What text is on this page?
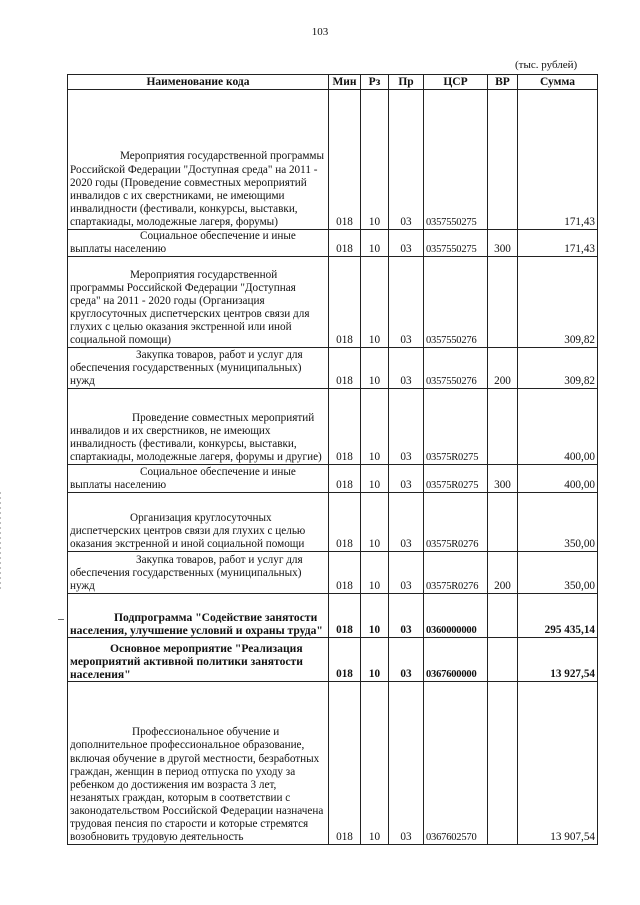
103
(тыс. рублей)
Наименование кода	Мин	Рз	Пр	ЦСР	ВР	Сумма
Мероприятия государственной программы Российской Федерации "Доступная среда" на 2011 - 2020 годы (Проведение совместных мероприятий инвалидов с их сверстниками, не имеющими инвалидности (фестивали, конкурсы, выставки, спартакиады, молодежные лагеря, форумы)	018	10	03	0357550275		171,43
Социальное обеспечение и иные выплаты населению	018	10	03	0357550275	300	171,43
Мероприятия государственной программы Российской Федерации "Доступная среда" на 2011 - 2020 годы (Организация круглосуточных диспетчерских центров связи для глухих с целью оказания экстренной или иной социальной помощи)	018	10	03	0357550276		309,82
Закупка товаров, работ и услуг для обеспечения государственных (муниципальных) нужд	018	10	03	0357550276	200	309,82
Проведение совместных мероприятий инвалидов и их сверстников, не имеющих инвалидность (фестивали, конкурсы, выставки, спартакиады, молодежные лагеря, форумы и другие)	018	10	03	03575R0275		400,00
Социальное обеспечение и иные выплаты населению	018	10	03	03575R0275	300	400,00
Организация круглосуточных диспетчерских центров связи для глухих с целью оказания экстренной и иной социальной помощи	018	10	03	03575R0276		350,00
Закупка товаров, работ и услуг для обеспечения государственных (муниципальных) нужд	018	10	03	03575R0276	200	350,00
Подпрограмма "Содействие занятости населения, улучшение условий и охраны труда"	018	10	03	0360000000		295 435,14
Основное мероприятие "Реализация мероприятий активной политики занятости населения"	018	10	03	0367600000		13 927,54
Профессиональное обучение и дополнительное профессиональное образование, включая обучение в другой местности, безработных граждан, женщин в период отпуска по уходу за ребенком до достижения им возраста 3 лет, незанятых граждан, которым в соответствии с законодательством Российской Федерации назначена трудовая пенсия по старости и которые стремятся возобновить трудовую деятельность	018	10	03	0367602570		13 907,54
